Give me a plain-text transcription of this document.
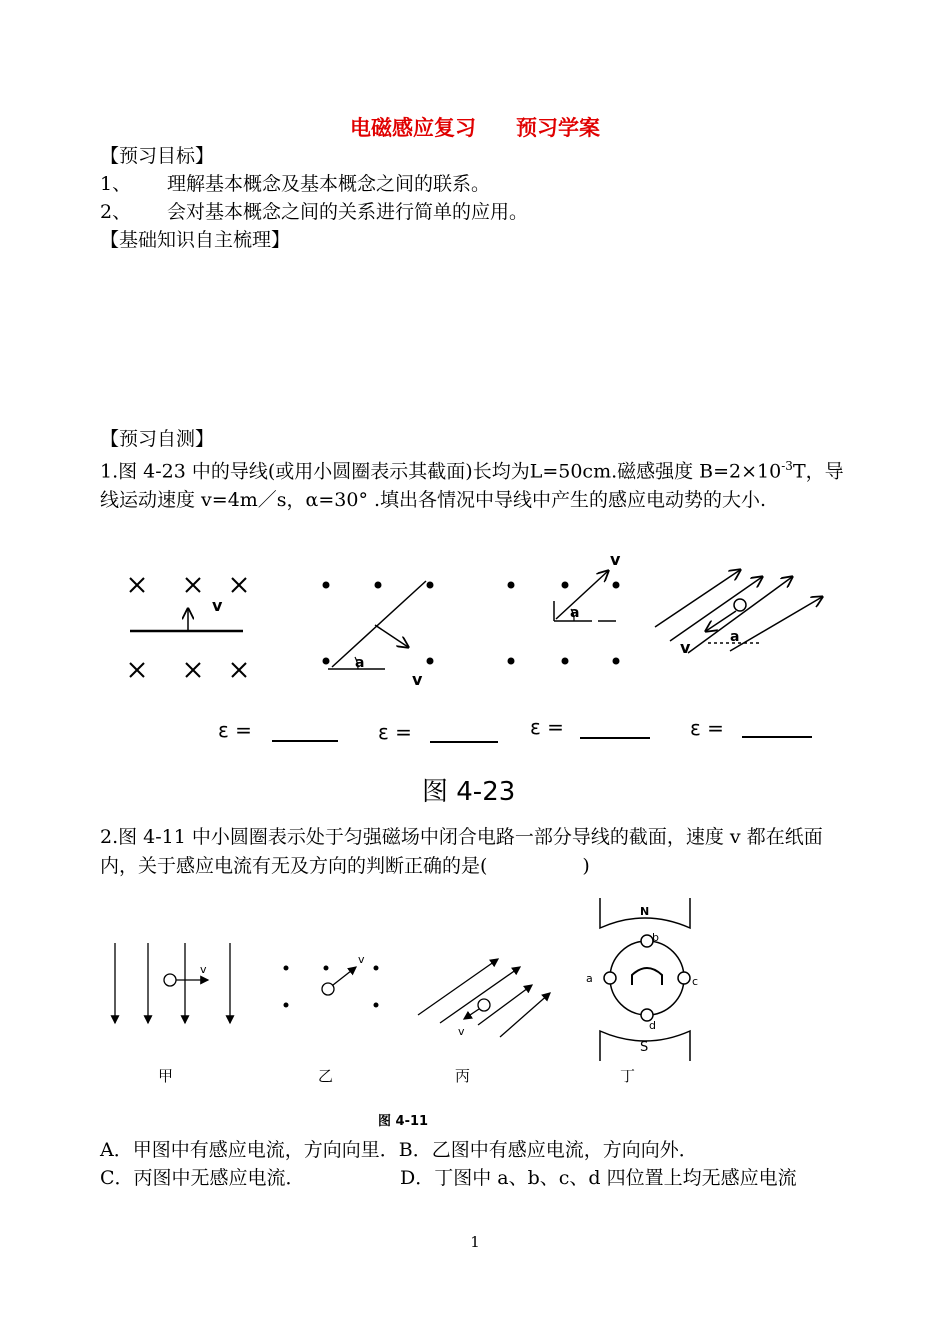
电磁感应复习 预习学案
【预习目标】
1、 理解基本概念及基本概念之间的联系。
2、 会对基本概念之间的关系进行简单的应用。
【基础知识自主梳理】
【预习自测】
1.图 4-23 中的导线(或用小圆圈表示其截面)长均为L=50cm.磁感强度 $B=2\times 10^{-3}T$，导线运动速度 v=4m／s，α=30° .填出各情况中导线中产生的感应电动势的大小.
v
a
v
v
a
v
a
ε =	ε =	ε =	ε =
图 4-23
2.图 4-11 中小圆圈表示处于匀强磁场中闭合电路一部分导线的截面，速度 v 都在纸面内，关于感应电流有无及方向的判断正确的是(　　　　　)
v
v
v
N
S
b
a	c
d
甲	乙	丙	丁
图 4-11
A．甲图中有感应电流，方向向里．B．乙图中有感应电流，方向向外．
C．丙图中无感应电流．	D．丁图中 a、b、c、d 四位置上均无感应电流
1
